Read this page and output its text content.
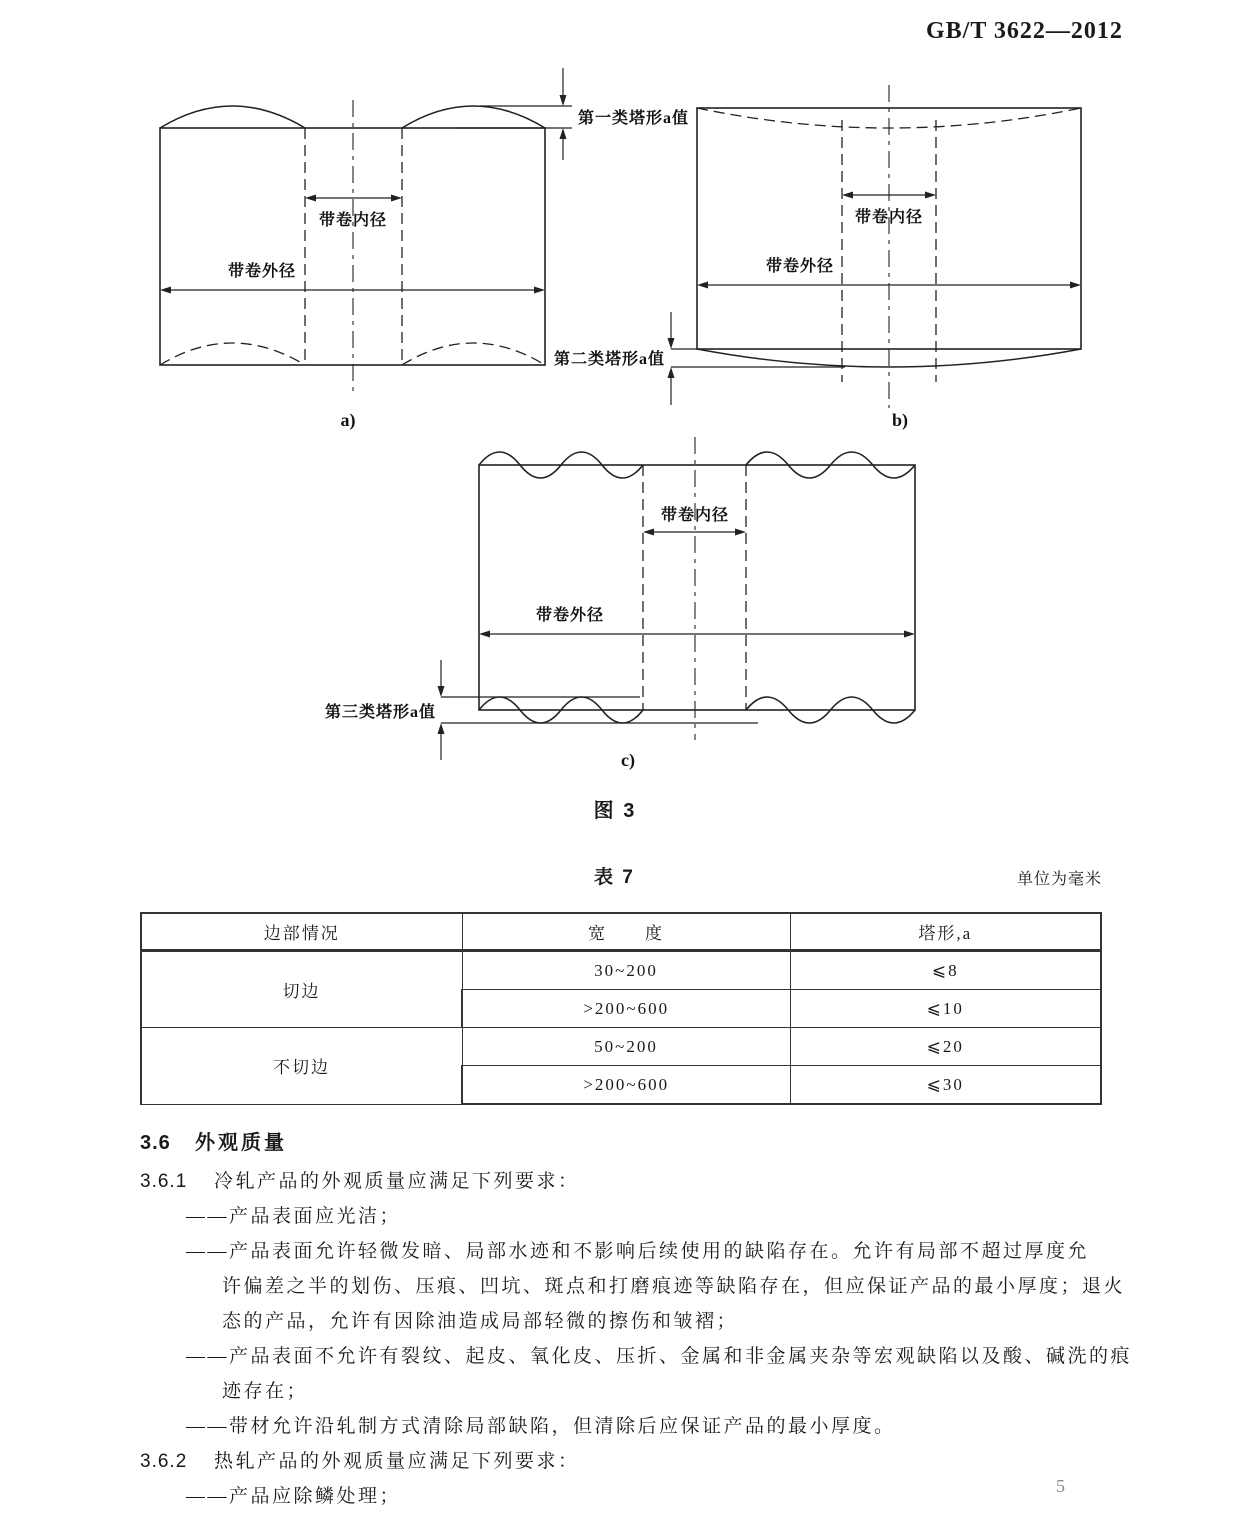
GB/T 3622—2012
带卷内径
带卷外径
第一类塔形a值
a)
带卷内径
带卷外径
第二类塔形a值
b)
带卷内径
带卷外径
第三类塔形a值
c)
图 3
表 7	单位为毫米
边部情况	宽　　度	塔形,a
切边	30~200	⩽8
	>200~600	⩽10
不切边	50~200	⩽20
	>200~600	⩽30
3.6 外观质量
3.6.1 冷轧产品的外观质量应满足下列要求：
——产品表面应光洁；
——产品表面允许轻微发暗、局部水迹和不影响后续使用的缺陷存在。允许有局部不超过厚度允
许偏差之半的划伤、压痕、凹坑、斑点和打磨痕迹等缺陷存在，但应保证产品的最小厚度；退火
态的产品，允许有因除油造成局部轻微的擦伤和皱褶；
——产品表面不允许有裂纹、起皮、氧化皮、压折、金属和非金属夹杂等宏观缺陷以及酸、碱洗的痕
迹存在；
——带材允许沿轧制方式清除局部缺陷，但清除后应保证产品的最小厚度。
3.6.2 热轧产品的外观质量应满足下列要求：
——产品应除鳞处理；	5
